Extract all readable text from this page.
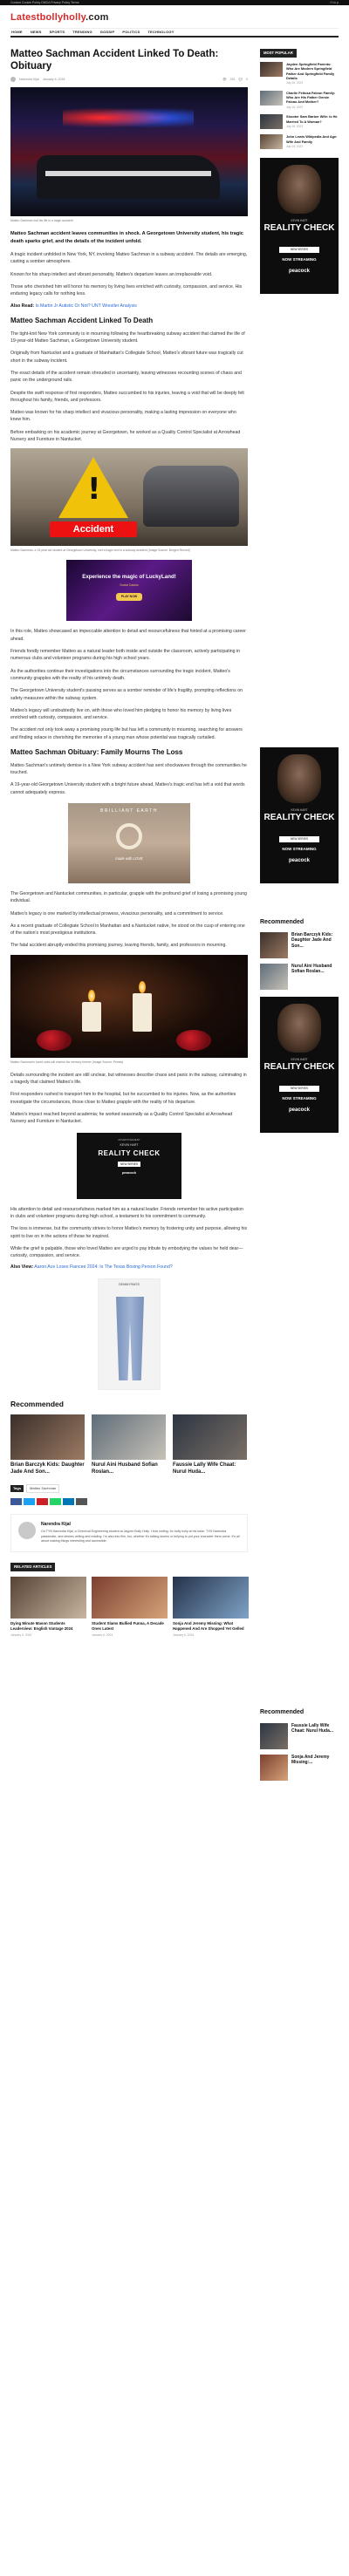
Contact Cookie Policy DMCA Privacy Policy Terms	f t in p
Latestbollyholly.com
HOME NEWS SPORTS TRENDING GOSSIP POLITICS TECHNOLOGY
Matteo Sachman Accident Linked To Death: Obituary
Narendra Kijal January 6, 2024	👁 291 💬 0
Matteo Sachman lost his life in a tragic accident

Matteo Sachman accident leaves communities in shock. A Georgetown University student, his tragic death sparks grief, and the details of the incident unfold.

A tragic incident unfolded in New York, NY, involving Matteo Sachman in a subway accident. The details are emerging, casting a somber atmosphere.

Known for his sharp intellect and vibrant personality, Matteo's departure leaves an irreplaceable void.

Those who cherished him will honor his memory by living lives enriched with curiosity, compassion, and service. His enduring legacy calls for nothing less.

Also Read: Is Martin Jr Autistic Or Not? UNT Wrestler Analysis
Matteo Sachman Accident Linked To Death

The tight-knit New York community is in mourning following the heartbreaking subway accident that claimed the life of 19-year-old Matteo Sachman, a Georgetown University student.

Originally from Nantucket and a graduate of Manhattan's Collegiate School, Matteo's vibrant future was tragically cut short in the subway incident.

The exact details of the accident remain shrouded in uncertainty, leaving witnesses recounting scenes of chaos and panic on the underground rails.

Despite the swift response of first responders, Matteo succumbed to his injuries, leaving a void that will be deeply felt throughout his family, friends, and professors.

Matteo was known for his sharp intellect and vivacious personality, making a lasting impression on everyone who knew him.

Before embarking on his academic journey at Georgetown, he worked as a Quality Control Specialist at Arrowhead Nursery and Furniture in Nantucket.

!
Accident
Matteo Sachman, a 19-year old student at Georgetown University, met a tragic end in a subway accident (Image Source: Bergen Record)
Experience the magic of LuckyLand!
Social Casino
PLAY NOW

In this role, Matteo showcased an impeccable attention to detail and resourcefulness that hinted at a promising career ahead.

Friends fondly remember Matteo as a natural leader both inside and outside the classroom, actively participating in numerous clubs and volunteer programs during his high school years.

As the authorities continue their investigations into the circumstances surrounding the tragic incident, Matteo's community grapples with the reality of his untimely death.

The Georgetown University student's passing serves as a somber reminder of life's fragility, prompting reflections on safety measures within the subway system.

Matteo's legacy will undoubtedly live on, with those who loved him pledging to honor his memory by living lives enriched with curiosity, compassion, and service.

The accident not only took away a promising young life but has left a community in mourning, searching for answers and finding solace in cherishing the memories of a young man whose potential was tragically curtailed.

Matteo Sachman Obituary: Family Mourns The Loss

Matteo Sachman's untimely demise in a New York subway accident has sent shockwaves through the communities he touched.

A 19-year-old Georgetown University student with a bright future ahead, Matteo's tragic end has left a void that words cannot adequately express.

BRILLIANT EARTH
made with LOVE

The Georgetown and Nantucket communities, in particular, grapple with the profound grief of losing a promising young individual.

Matteo's legacy is one marked by intellectual prowess, vivacious personality, and a commitment to service.

As a recent graduate of Collegiate School in Manhattan and a Nantucket native, he stood on the cusp of entering one of the nation's most prestigious institutions.

The fatal accident abruptly ended this promising journey, leaving friends, family, and professors in mourning.

Matteo Sachman's loved ones will cherish his memory forever (Image Source: Pexels)

Details surrounding the incident are still unclear, but witnesses describe chaos and panic in the subway, culminating in a tragedy that claimed Matteo's life.

First responders rushed to transport him to the hospital, but he succumbed to his injuries. Now, as the authorities investigate the circumstances, those close to Matteo grapple with the reality of his departure.

Matteo's impact reached beyond academia; he worked seasonally as a Quality Control Specialist at Arrowhead Nursery and Furniture in Nantucket.

ADVERTISEMENT
KEVIN HART
REALITY CHECK
NEW SERIES
peacock

His attention to detail and resourcefulness marked him as a natural leader. Friends remember his active participation in clubs and volunteer programs during high school, a testament to his commitment to community.

The loss is immense, but the community strives to honor Matteo's memory by fostering unity and purpose, allowing his spirit to live on in the actions of those he inspired.

While the grief is palpable, those who loved Matteo are urged to pay tribute by embodying the values he held dear—curiosity, compassion, and service.

Also View: Aaron Ace Loses Fiancee 2024: Is The Texas Boxing Person Found?
DENIM PANTS
Recommended
Brian Barczyk Kids: Daughter Jade And Son...
Nurul Aini Husband Sofian Roslan...
Faussie Lally Wife Chaat: Nurul Huda...
Tags	Matteo Sachman
Narendra Kijal
On TYN Narendra Kijal, a Chemical Engineering student at Jaypee Bolly Holly. I love writing, for bolly holly at his base. TYN Narendra passionate, and desires writing and reading. I'm also into film, too, whether it's talking stories or helping to put your character them come. It's all about making things interesting and accessible.
RELATED ARTICLES
Dying Minute Mason Students Leaderview: English Vantage 2024
January 6, 2024
Student Slams Bullied Funna, A Decade Ones Latest
January 6, 2024
Sonja And Jeremy Missing: What Happened And Are Shopped Yet Gelled
January 6, 2024
MOST POPULAR
Jayden Springfield Parents: Who Are Modern Springfield Father And Springfield Family Details
July 16, 2023
Charlie Feitosa Falcon Family: Who Are His Father Gersie Falcao And Mother?
July 16, 2023
Shooter Sam Barber Wife: Is He Married To A Woman?
July 16, 2023
John Lewis Wikipedia And Age: Wife And Family
July 16, 2023
KEVIN HART
REALITY CHECK
NEW SERIES
NOW STREAMING
peacock
KEVIN HART
REALITY CHECK
NEW SERIES
NOW STREAMING
peacock
Recommended
Brian Barczyk Kids: Daughter Jade And Son...
Nurul Aini Husband Sofian Roslan...
KEVIN HART
REALITY CHECK
NEW SERIES
NOW STREAMING
peacock
Recommended
Faussie Lally Wife Chaat: Nurul Huda...
Sonja And Jeremy Missing:...
